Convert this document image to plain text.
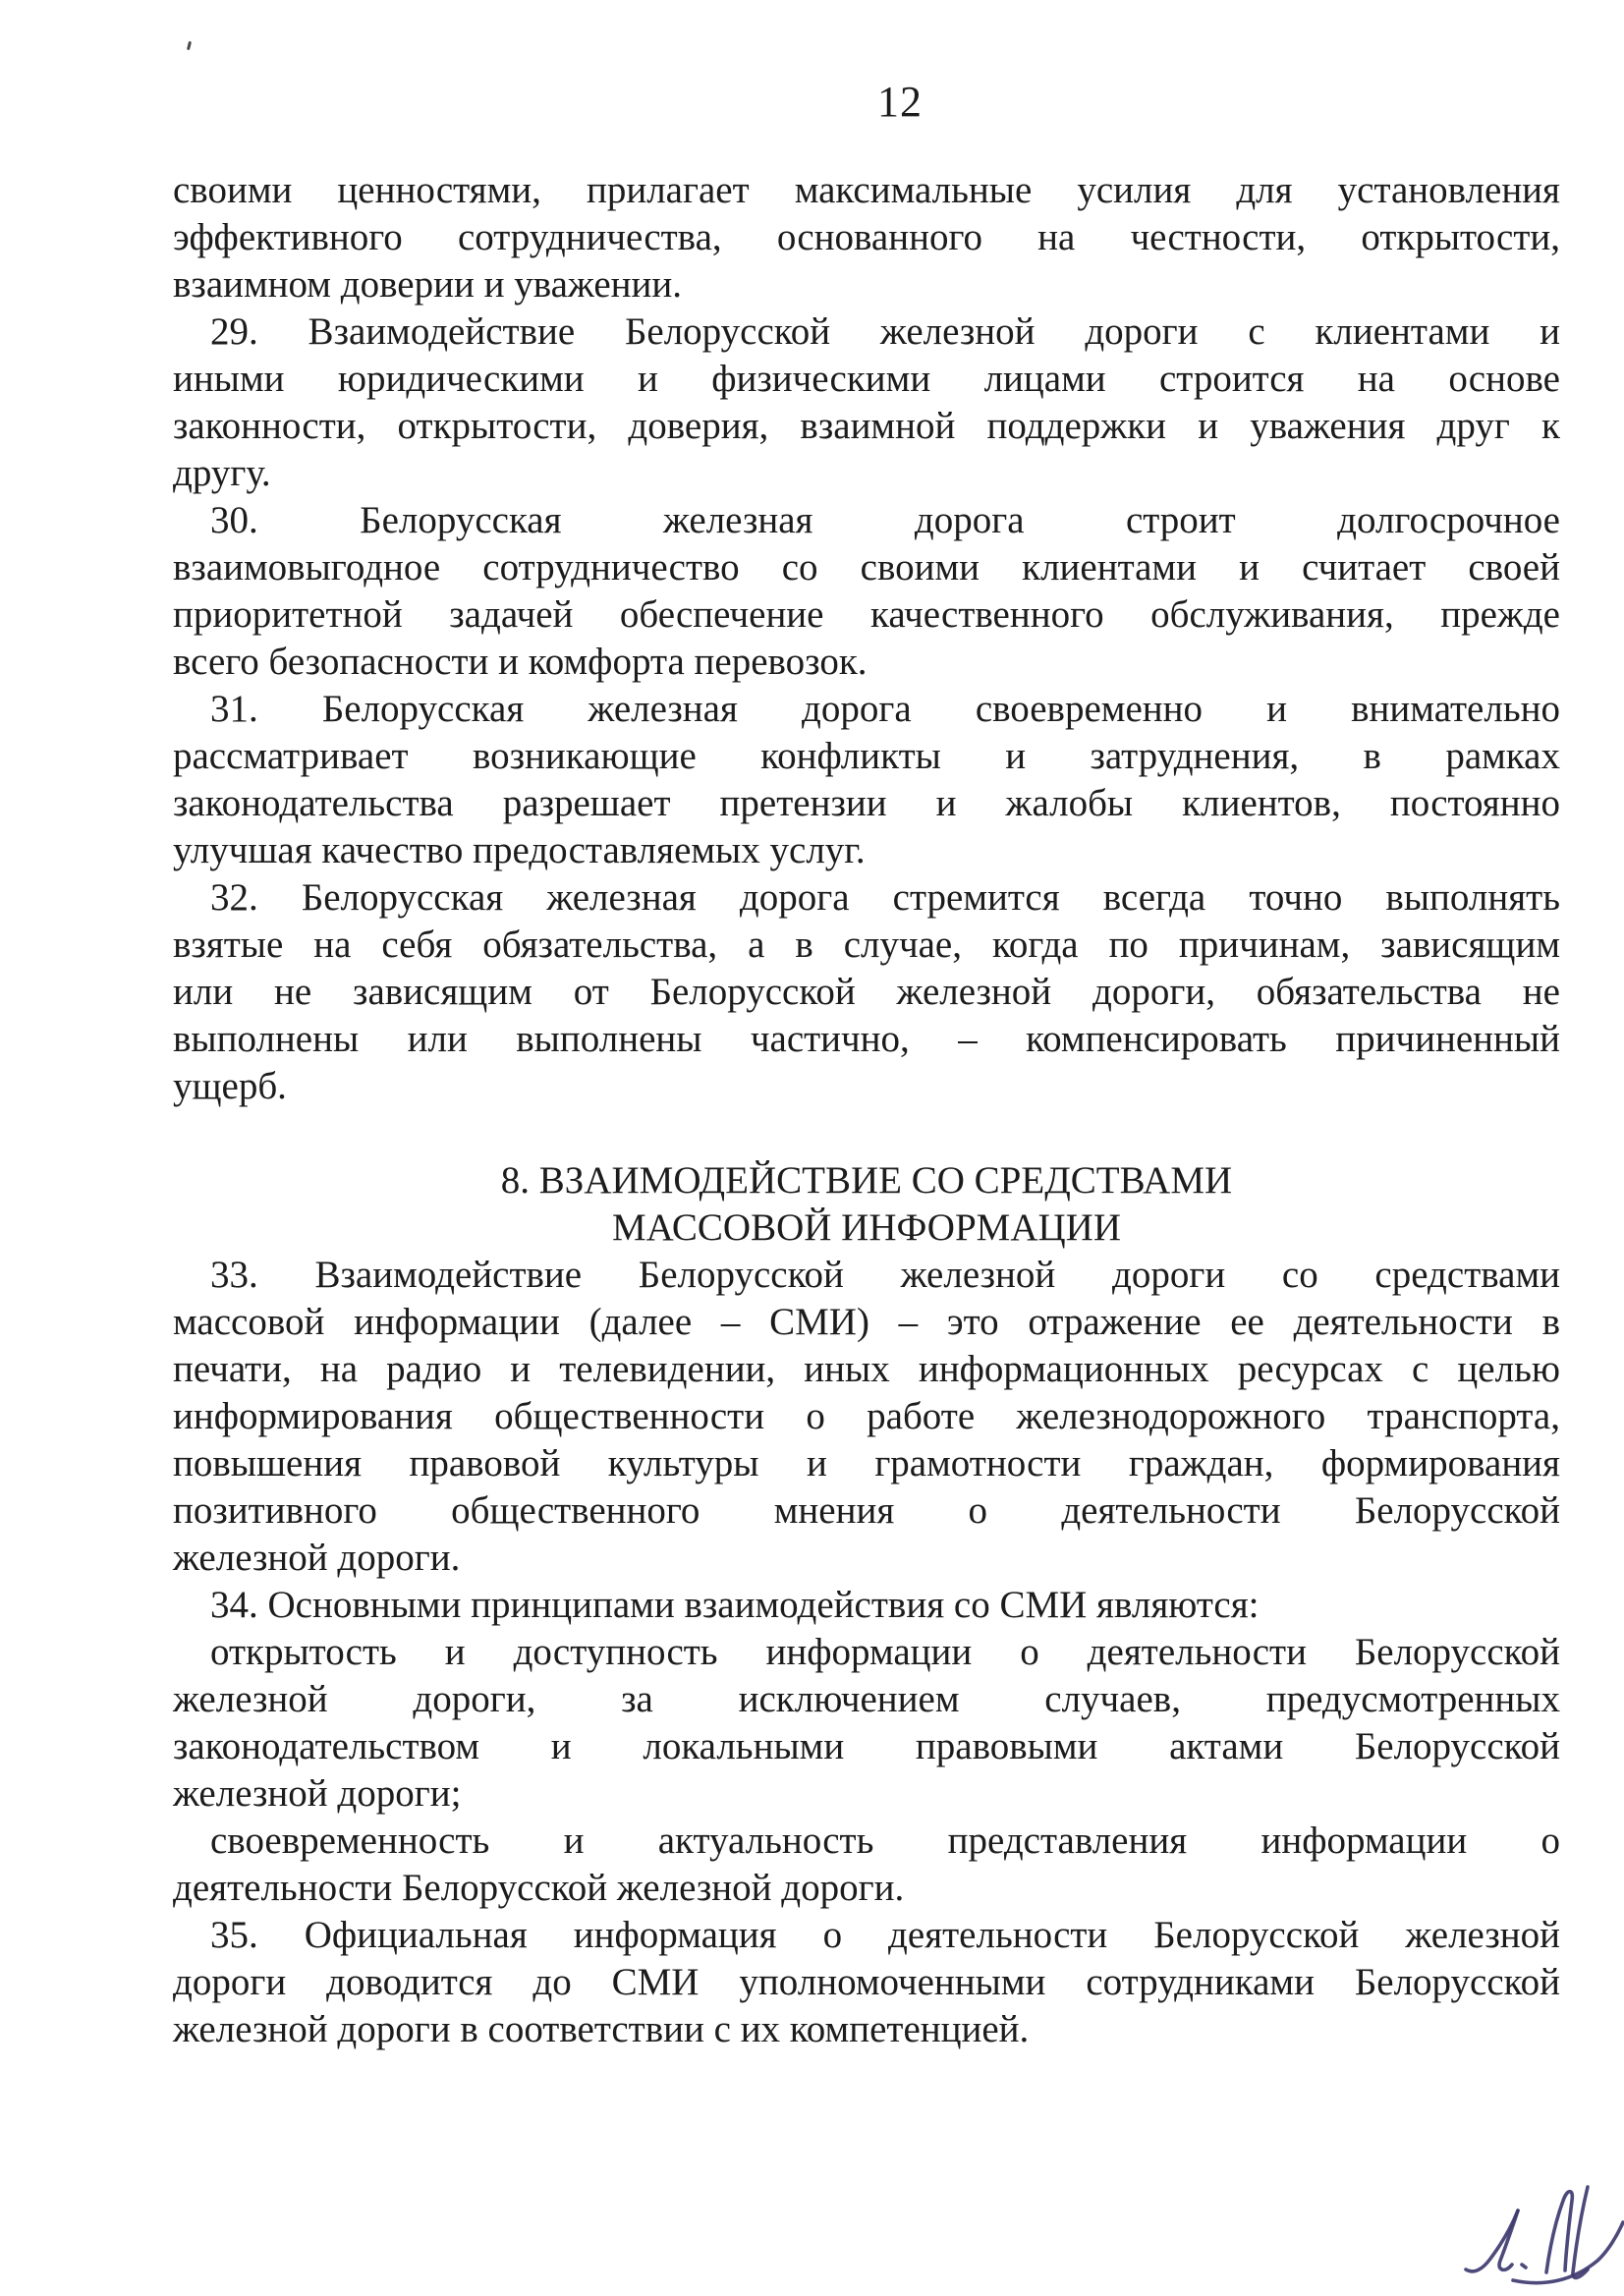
12
своими ценностями, прилагает максимальные усилия для установления
эффективного сотрудничества, основанного на честности, открытости,
взаимном доверии и уважении.
29. Взаимодействие Белорусской железной дороги с клиентами и
иными юридическими и физическими лицами строится на основе
законности, открытости, доверия, взаимной поддержки и уважения друг к
другу.
30. Белорусская железная дорога строит долгосрочное
взаимовыгодное сотрудничество со своими клиентами и считает своей
приоритетной задачей обеспечение качественного обслуживания, прежде
всего безопасности и комфорта перевозок.
31. Белорусская железная дорога своевременно и внимательно
рассматривает возникающие конфликты и затруднения, в рамках
законодательства разрешает претензии и жалобы клиентов, постоянно
улучшая качество предоставляемых услуг.
32. Белорусская железная дорога стремится всегда точно выполнять
взятые на себя обязательства, а в случае, когда по причинам, зависящим
или не зависящим от Белорусской железной дороги, обязательства не
выполнены или выполнены частично, – компенсировать причиненный
ущерб.
8. ВЗАИМОДЕЙСТВИЕ СО СРЕДСТВАМИ
МАССОВОЙ ИНФОРМАЦИИ
33. Взаимодействие Белорусской железной дороги со средствами
массовой информации (далее – СМИ) – это отражение ее деятельности в
печати, на радио и телевидении, иных информационных ресурсах с целью
информирования общественности о работе железнодорожного транспорта,
повышения правовой культуры и грамотности граждан, формирования
позитивного общественного мнения о деятельности Белорусской
железной дороги.
34. Основными принципами взаимодействия со СМИ являются:
открытость и доступность информации о деятельности Белорусской
железной дороги, за исключением случаев, предусмотренных
законодательством и локальными правовыми актами Белорусской
железной дороги;
своевременность и актуальность представления информации о
деятельности Белорусской железной дороги.
35. Официальная информация о деятельности Белорусской железной
дороги доводится до СМИ уполномоченными сотрудниками Белорусской
железной дороги в соответствии с их компетенцией.
